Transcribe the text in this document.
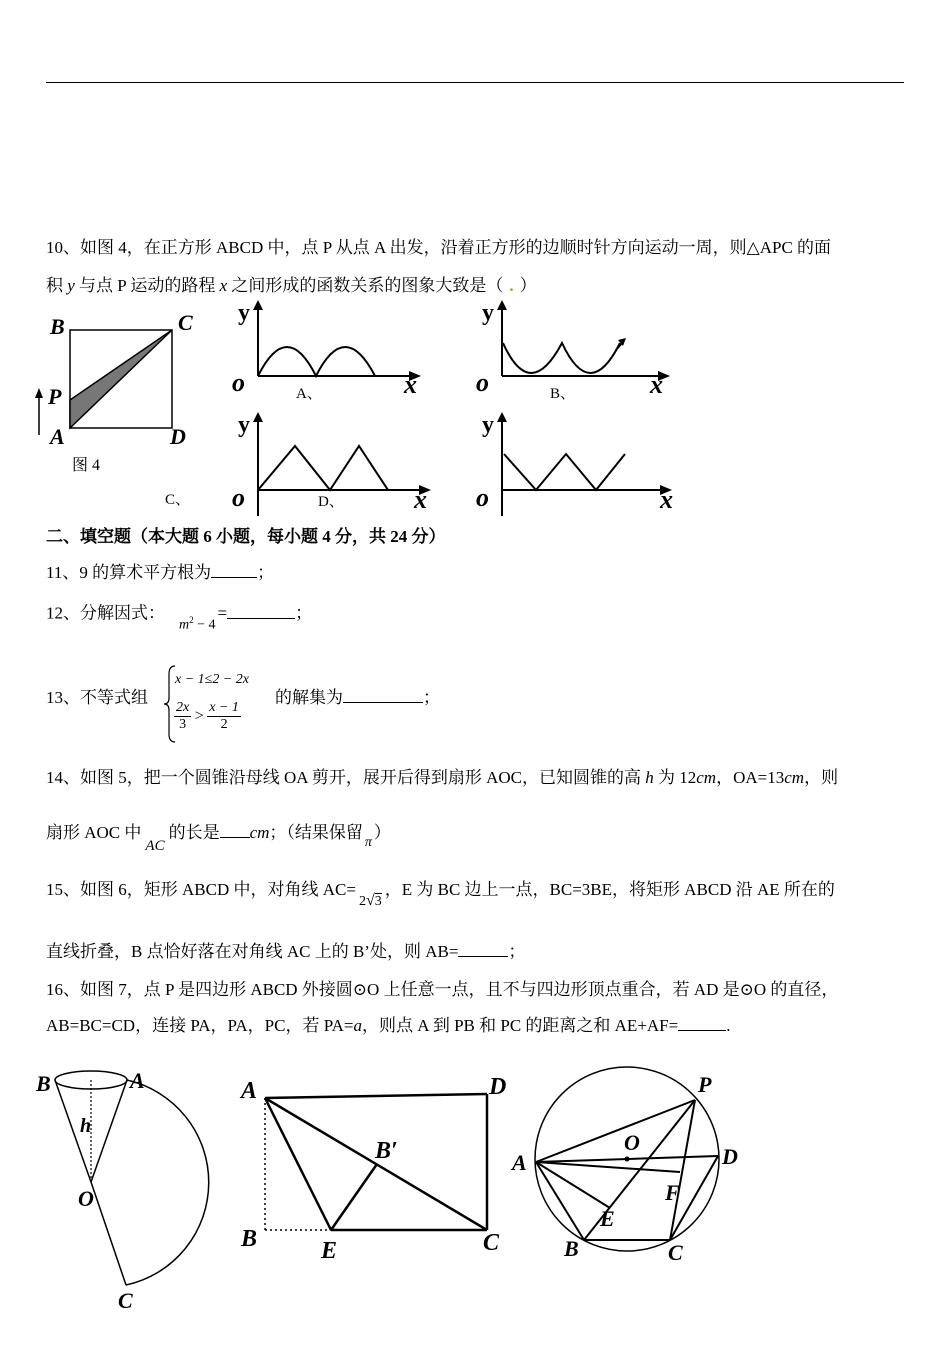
10、如图 4，在正方形 ABCD 中，点 P 从点 A 出发，沿着正方形的边顺时针方向运动一周，则△APC 的面
积 y 与点 P 运动的路程 x 之间形成的函数关系的图象大致是（ . ）
B	C
P
A	D
图 4
y
o	x
A、
y
o	x
B、
y
o	x
D、
C、
y
o	x
二、填空题（本大题 6 小题，每小题 4 分，共 24 分）
11、9 的算术平方根为	；
12、分解因式：$m^2 - 4=$	；
13、不等式组
x − 1≤2 − 2x
$\frac{2x}{3} > \frac{x - 1}{2}$
的解集为	；
14、如图 5，把一个圆锥沿母线 OA 剪开，展开后得到扇形 AOC，已知圆锥的高 h 为 12cm，OA=13cm，则
扇形 AOC 中AC的长是 cm；（结果保留π）
15、如图 6，矩形 ABCD 中，对角线 AC=2√3，E 为 BC 边上一点，BC=3BE，将矩形 ABCD 沿 AE 所在的
直线折叠，B 点恰好落在对角线 AC 上的 B’处，则 AB=	；
16、如图 7，点 P 是四边形 ABCD 外接圆⊙O 上任意一点，且不与四边形顶点重合，若 AD 是⊙O 的直径，
AB=BC=CD，连接 PA，PA，PC，若 PA=a，则点 A 到 PB 和 PC 的距离之和 AE+AF=	.
B	A
h
O
C
A	D
B′
B	E	C
P
O
A	D
F
E
B	C
